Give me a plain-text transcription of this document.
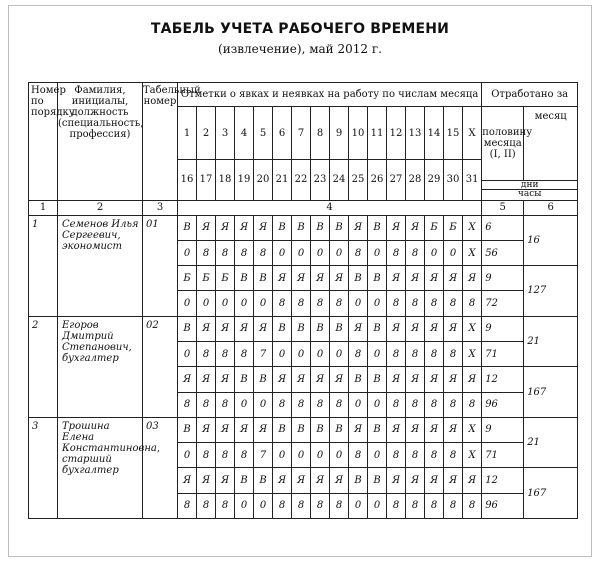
ТАБЕЛЬ УЧЕТА РАБОЧЕГО ВРЕМЕНИ
(извлечение), май 2012 г.
Номер по порядку	Фамилия, инициалы, должность (специальность, профессия)	Табельный номер	Отметки о явках и неявках на работу по числам месяца																Отработано за	
			1	2	3	4	5	6	7	8	9	10	11	12	13	14	15	X	половину месяца (I, II)	месяц
			16	17	18	19	20	21	22	23	24	25	26	27	28	29	30	31		

																			дни
часы	

1	2	3	4																5	6
1	Семенов Илья Сергеевич, экономист	01	В	Я	Я	Я	Я	В	В	В	В	Я	В	Я	Я	Б	Б	Х	6	16
			0	8	8	8	8	0	0	0	0	8	0	8	8	0	0	Х	56	
			Б	Б	Б	В	В	Я	Я	Я	Я	В	В	Я	Я	Я	Я	Я	9	127
			0	0	0	0	0	8	8	8	8	0	0	8	8	8	8	8	72	
2	Егоров Дмитрий Степанович, бухгалтер	02	В	Я	Я	Я	Я	В	В	В	В	Я	В	Я	Я	Я	Я	Х	9	21
			0	8	8	8	7	0	0	0	0	8	0	8	8	8	8	Х	71	
			Я	Я	Я	В	В	Я	Я	Я	Я	В	В	Я	Я	Я	Я	Я	12	167
			8	8	8	0	0	8	8	8	8	0	0	8	8	8	8	8	96	
3	Трошина Елена Константиновна, старший бухгалтер	03	В	Я	Я	Я	Я	В	В	В	В	Я	В	Я	Я	Я	Я	Х	9	21
			0	8	8	8	7	0	0	0	0	8	0	8	8	8	8	Х	71	
			Я	Я	Я	В	В	Я	Я	Я	Я	В	В	Я	Я	Я	Я	Я	12	167
			8	8	8	0	0	8	8	8	8	0	0	8	8	8	8	8	96	
